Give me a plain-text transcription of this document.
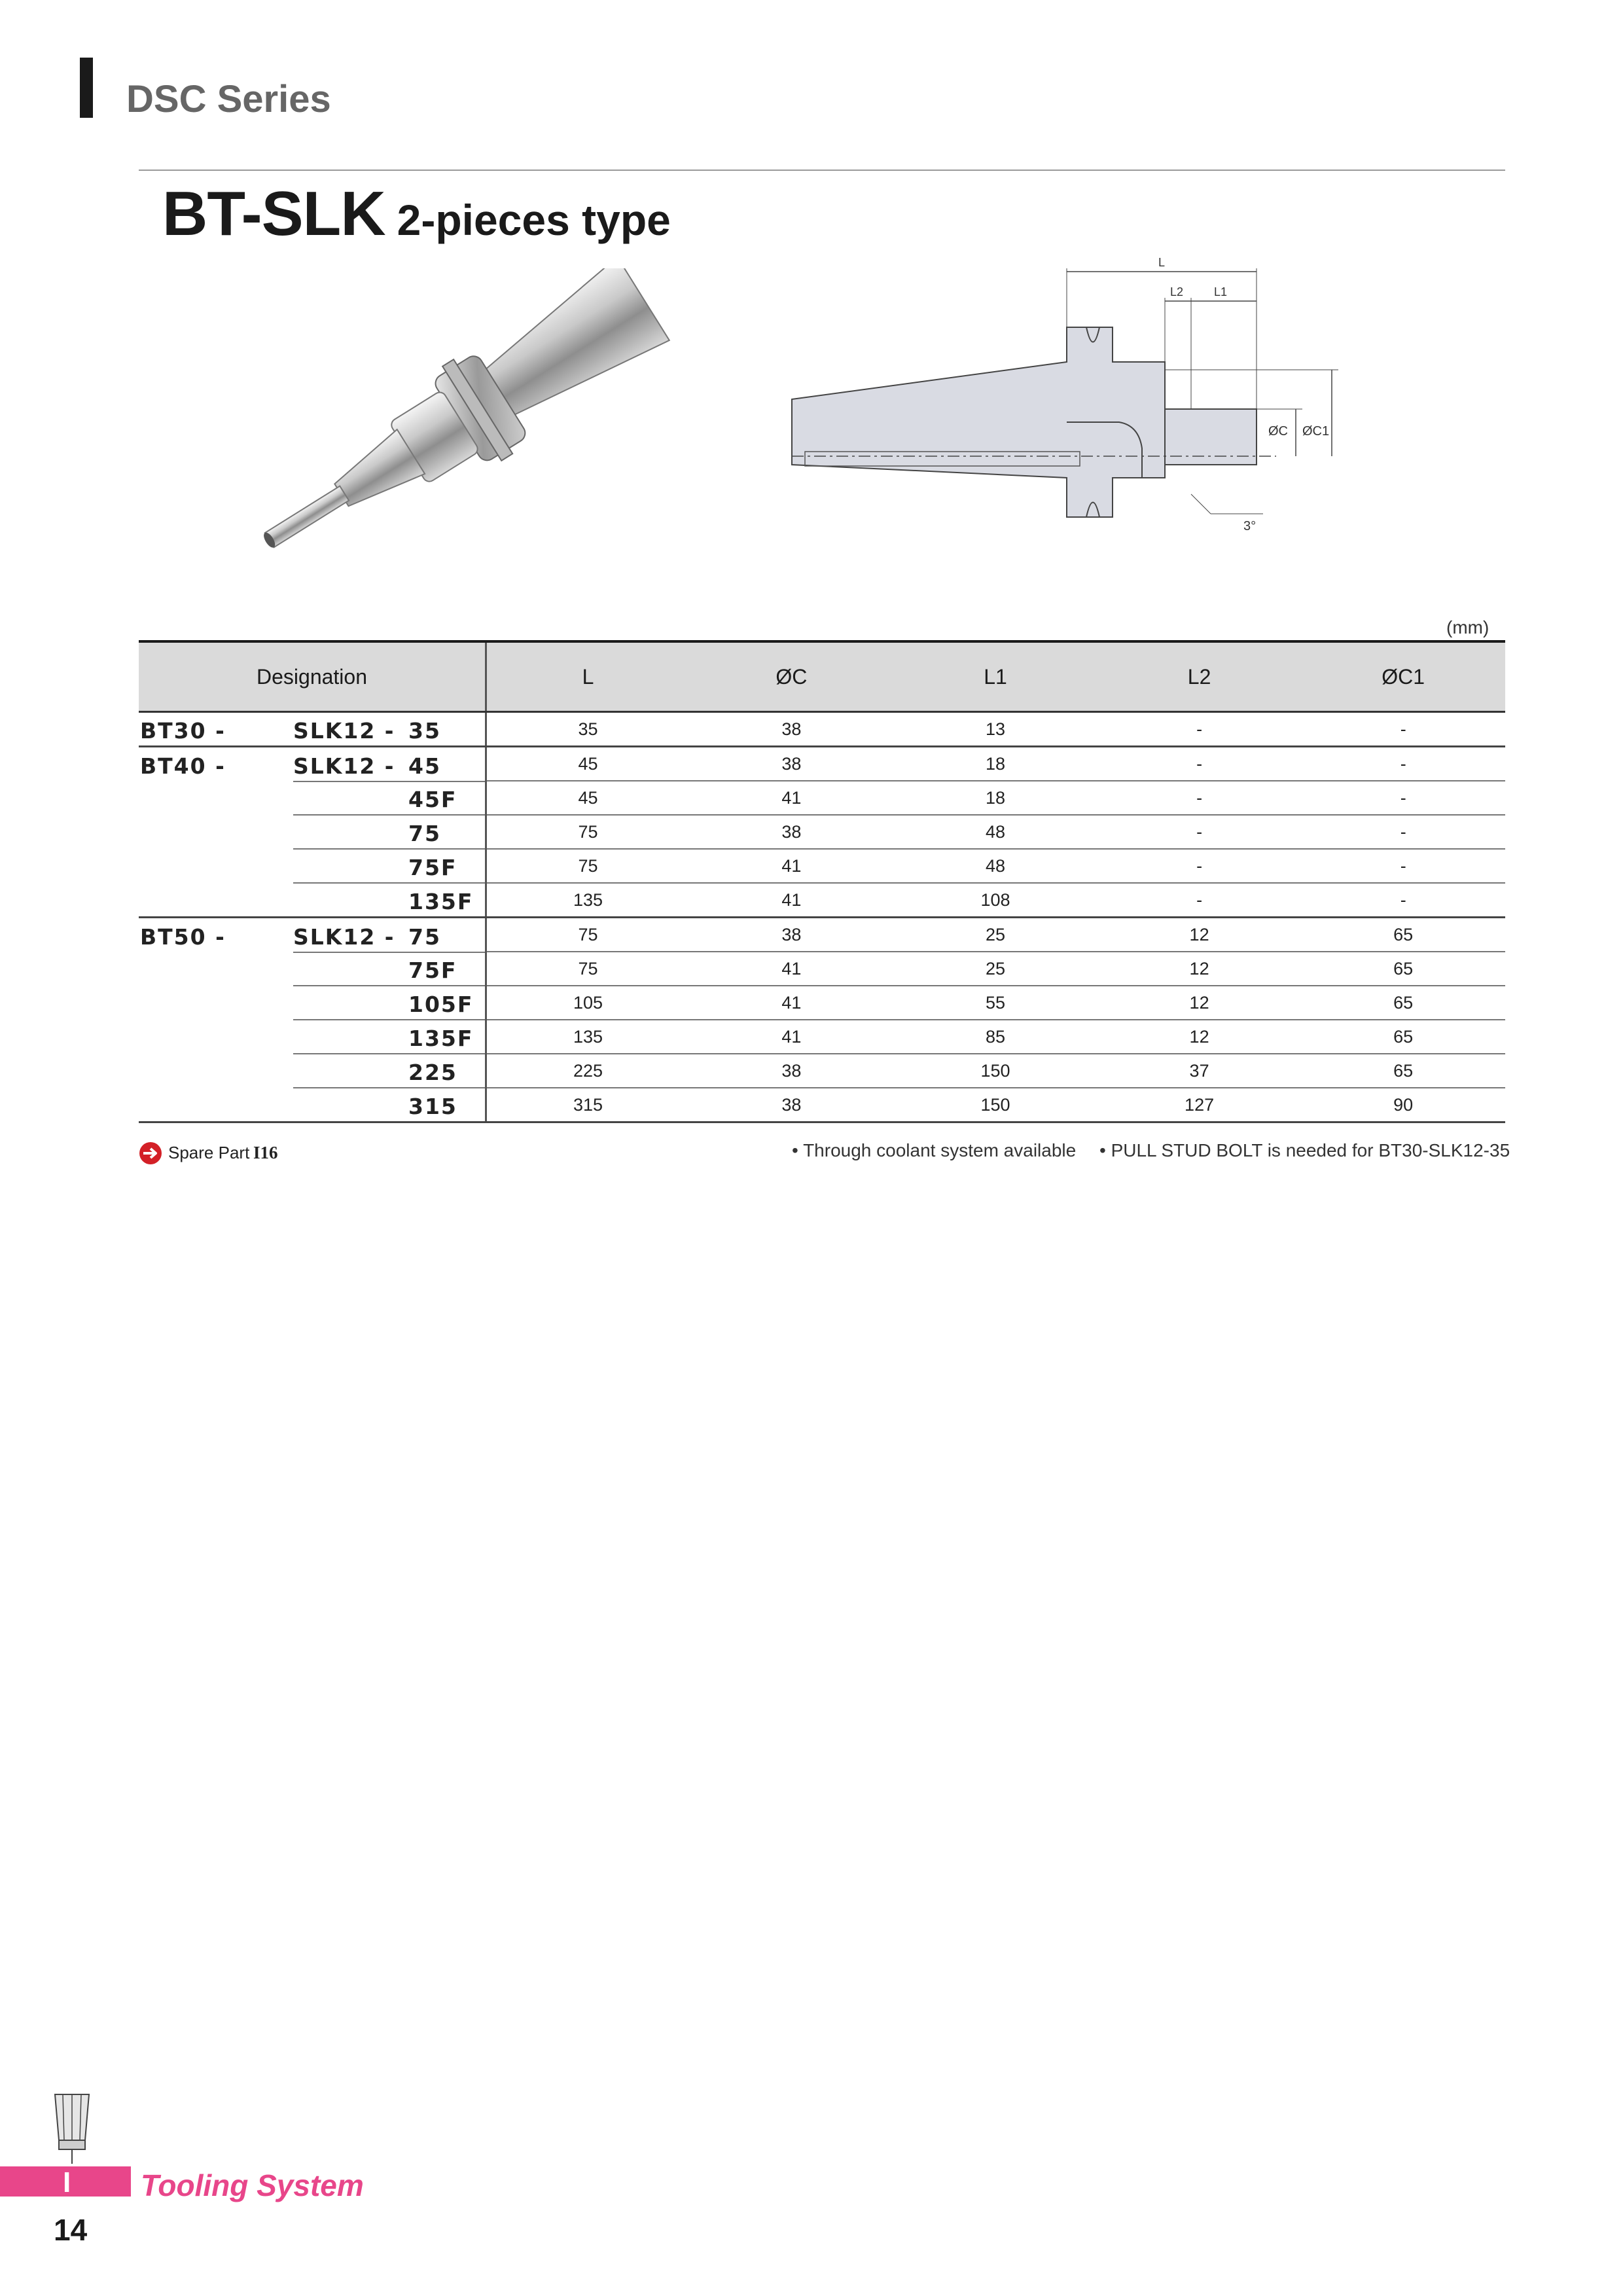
DSC Series
BT-SLK 2-pieces type
L
L2	L1
ØC ØC1
3°
(mm)
Designation	L	ØC	L1	L2	ØC1

BT30 - SLK12 - 35	35	38	13	-	-

BT40 - SLK12 - 45	45	38	18	-	-

45F	45	41	18	-	-

75	75	38	48	-	-

75F	75	41	48	-	-

135F	135	41	108	-	-

BT50 - SLK12 - 75	75	38	25	12	65

75F	75	41	25	12	65

105F	105	41	55	12	65

135F	135	41	85	12	65

225	225	38	150	37	65

315	315	38	150	127	90
Spare Part I16	• Through coolant system available • PULL STUD BOLT is needed for BT30-SLK12-35
I Tooling System
14
